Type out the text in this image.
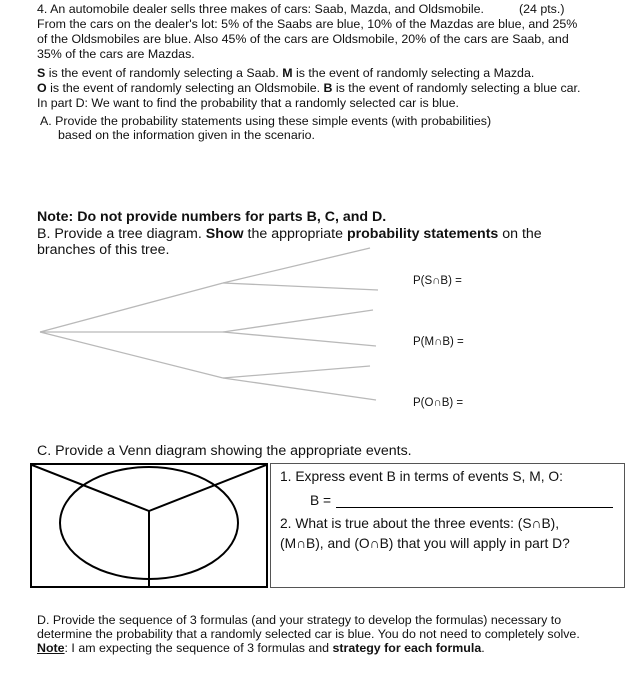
4. An automobile dealer sells three makes of cars: Saab, Mazda, and Oldsmobile.	(24 pts.)
From the cars on the dealer's lot: 5% of the Saabs are blue, 10% of the Mazdas are blue, and 25%
of the Oldsmobiles are blue. Also 45% of the cars are Oldsmobile, 20% of the cars are Saab, and
35% of the cars are Mazdas.
S is the event of randomly selecting a Saab. M is the event of randomly selecting a Mazda.
O is the event of randomly selecting an Oldsmobile. B is the event of randomly selecting a blue car.
In part D: We want to find the probability that a randomly selected car is blue.
A. Provide the probability statements using these simple events (with probabilities)
based on the information given in the scenario.
Note: Do not provide numbers for parts B, C, and D.
B. Provide a tree diagram. Show the appropriate probability statements on the
branches of this tree.
P(S∩B) =
P(M∩B) =
P(O∩B) =
C. Provide a Venn diagram showing the appropriate events.
1. Express event B in terms of events S, M, O:
B =
2. What is true about the three events: (S∩B),
(M∩B), and (O∩B) that you will apply in part D?
D. Provide the sequence of 3 formulas (and your strategy to develop the formulas) necessary to
determine the probability that a randomly selected car is blue. You do not need to completely solve.
Note: I am expecting the sequence of 3 formulas and strategy for each formula.
